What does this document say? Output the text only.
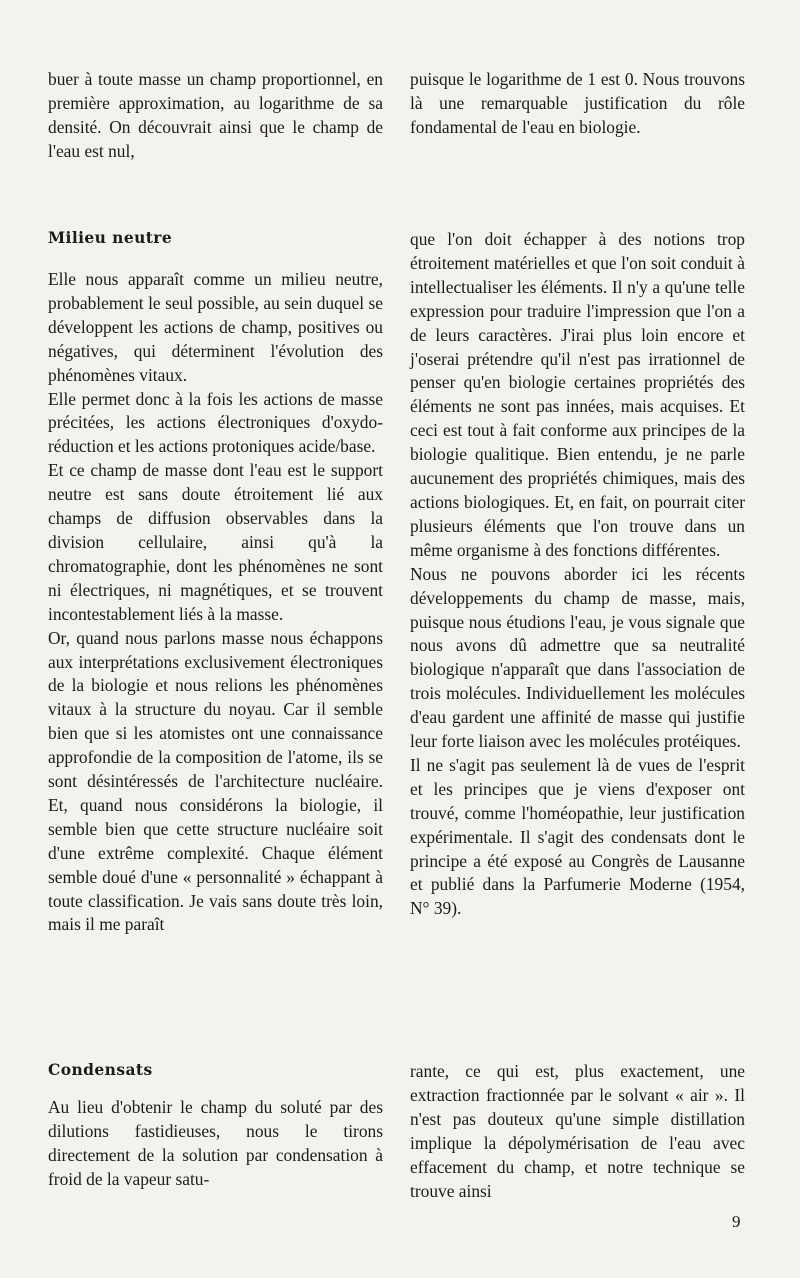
buer à toute masse un champ proportionnel, en première approximation, au logarithme de sa densité. On découvrait ainsi que le champ de l'eau est nul,

puisque le logarithme de 1 est 0. Nous trouvons là une remarquable justification du rôle fondamental de l'eau en biologie.

Milieu neutre

Elle nous apparaît comme un milieu neutre, probablement le seul possible, au sein duquel se développent les actions de champ, positives ou négatives, qui déterminent l'évolution des phénomènes vitaux.

Elle permet donc à la fois les actions de masse précitées, les actions électroniques d'oxydo-réduction et les actions protoniques acide/base.

Et ce champ de masse dont l'eau est le support neutre est sans doute étroitement lié aux champs de diffusion observables dans la division cellulaire, ainsi qu'à la chromatographie, dont les phénomènes ne sont ni électriques, ni magnétiques, et se trouvent incontestablement liés à la masse.

Or, quand nous parlons masse nous échappons aux interprétations exclusivement électroniques de la biologie et nous relions les phénomènes vitaux à la structure du noyau. Car il semble bien que si les atomistes ont une connaissance approfondie de la composition de l'atome, ils se sont désintéressés de l'architecture nucléaire. Et, quand nous considérons la biologie, il semble bien que cette structure nucléaire soit d'une extrême complexité. Chaque élément semble doué d'une « personnalité » échappant à toute classification. Je vais sans doute très loin, mais il me paraît

que l'on doit échapper à des notions trop étroitement matérielles et que l'on soit conduit à intellectualiser les éléments. Il n'y a qu'une telle expression pour traduire l'impression que l'on a de leurs caractères. J'irai plus loin encore et j'oserai prétendre qu'il n'est pas irrationnel de penser qu'en biologie certaines propriétés des éléments ne sont pas innées, mais acquises. Et ceci est tout à fait conforme aux principes de la biologie qualitique. Bien entendu, je ne parle aucunement des propriétés chimiques, mais des actions biologiques. Et, en fait, on pourrait citer plusieurs éléments que l'on trouve dans un même organisme à des fonctions différentes.

Nous ne pouvons aborder ici les récents développements du champ de masse, mais, puisque nous étudions l'eau, je vous signale que nous avons dû admettre que sa neutralité biologique n'apparaît que dans l'association de trois molécules. Individuellement les molécules d'eau gardent une affinité de masse qui justifie leur forte liaison avec les molécules protéiques.

Il ne s'agit pas seulement là de vues de l'esprit et les principes que je viens d'exposer ont trouvé, comme l'homéopathie, leur justification expérimentale. Il s'agit des condensats dont le principe a été exposé au Congrès de Lausanne et publié dans la Parfumerie Moderne (1954, N° 39).

Condensats

Au lieu d'obtenir le champ du soluté par des dilutions fastidieuses, nous le tirons directement de la solution par condensation à froid de la vapeur satu-

rante, ce qui est, plus exactement, une extraction fractionnée par le solvant « air ». Il n'est pas douteux qu'une simple distillation implique la dépolymérisation de l'eau avec effacement du champ, et notre technique se trouve ainsi

9
